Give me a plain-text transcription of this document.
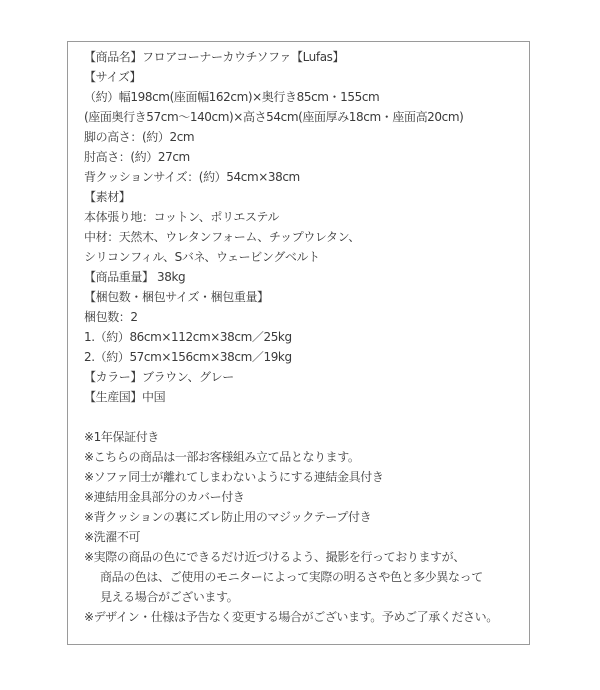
【商品名】フロアコーナーカウチソファ【Lufas】
【サイズ】
（約）幅198cm(座面幅162cm)×奥行き85cm・155cm
(座面奥行き57cm〜140cm)×高さ54cm(座面厚み18cm・座面高20cm)
脚の高さ：(約）2cm
肘高さ：(約）27cm
背クッションサイズ：(約）54cm×38cm
【素材】
本体張り地：コットン、ポリエステル
中材：天然木、ウレタンフォーム、チップウレタン、
シリコンフィル、Sバネ、ウェービングベルト
【商品重量】 38kg
【梱包数・梱包サイズ・梱包重量】
梱包数：2
1.（約）86cm×112cm×38cm／25kg
2.（約）57cm×156cm×38cm／19kg
【カラー】ブラウン、グレー
【生産国】中国
※1年保証付き
※こちらの商品は一部お客様組み立て品となります。
※ソファ同士が離れてしまわないようにする連結金具付き
※連結用金具部分のカバー付き
※背クッションの裏にズレ防止用のマジックテープ付き
※洗濯不可
※実際の商品の色にできるだけ近づけるよう、撮影を行っておりますが、
商品の色は、ご使用のモニターによって実際の明るさや色と多少異なって
見える場合がございます。
※デザイン・仕様は予告なく変更する場合がございます。予めご了承ください。
